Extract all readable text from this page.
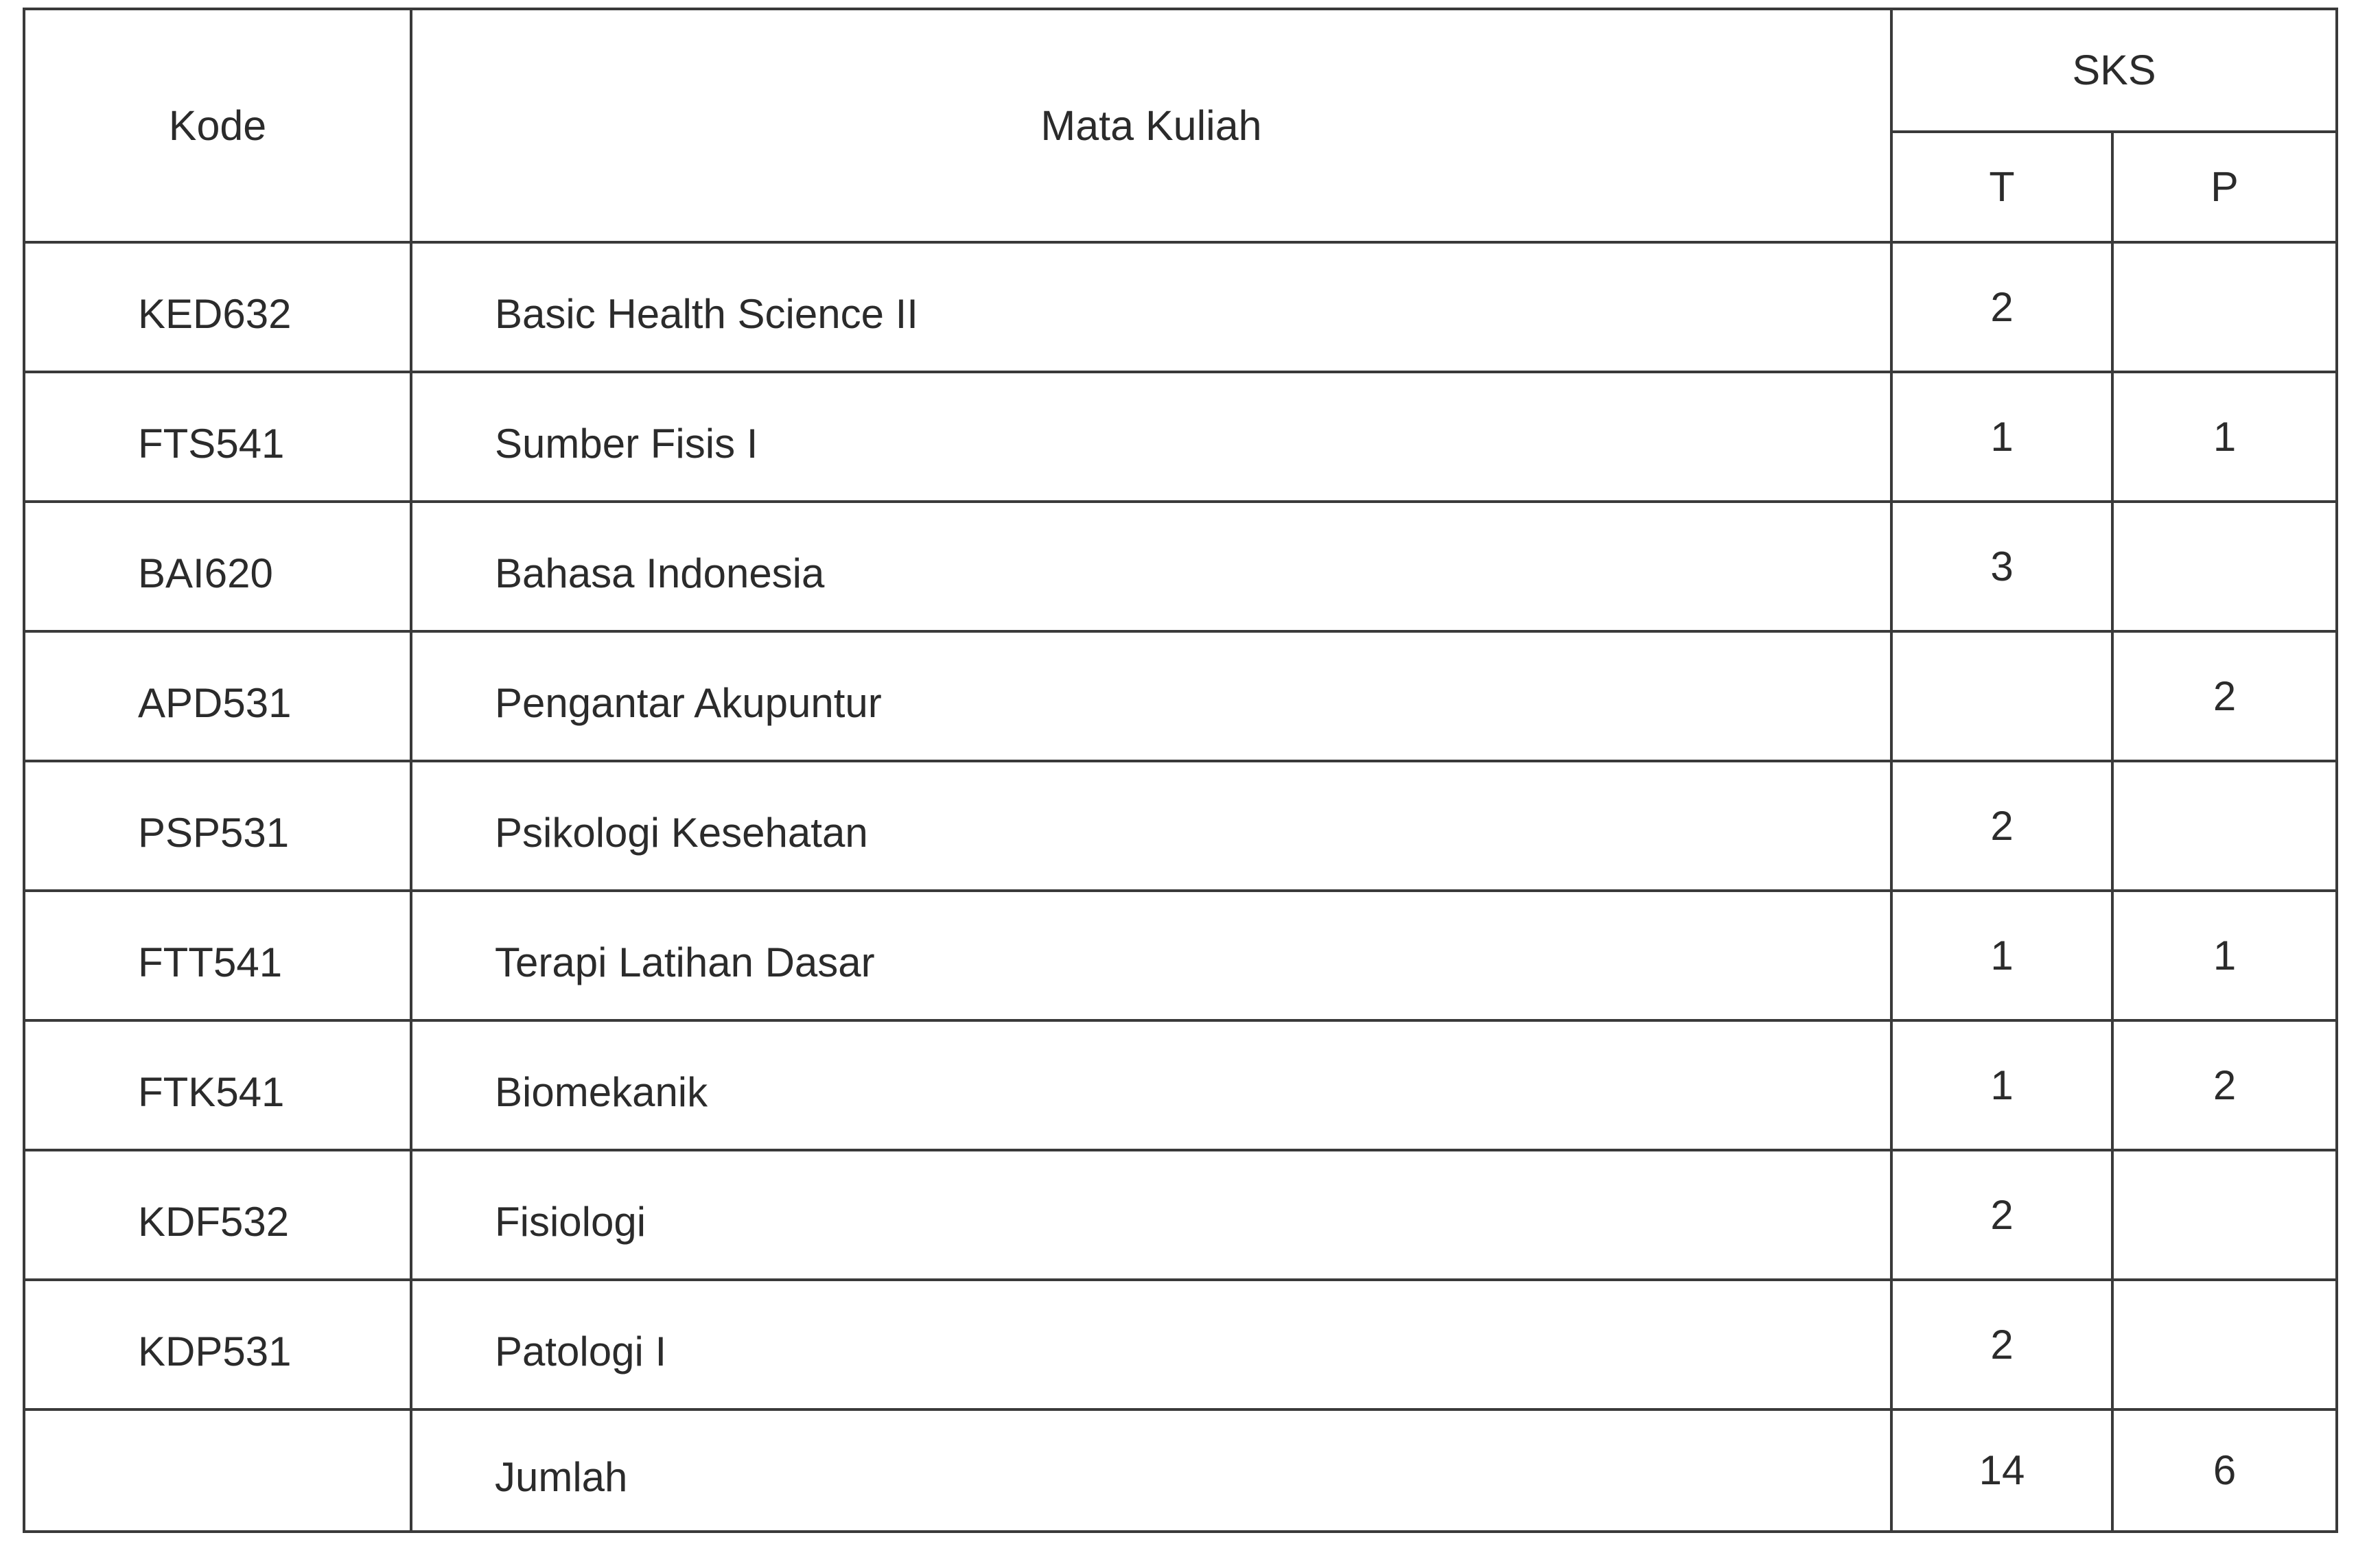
Kode	Mata Kuliah	SKS	
		T	P
KED632	Basic Health Science II	2	
FTS541	Sumber Fisis I	1	1
BAI620	Bahasa Indonesia	3	
APD531	Pengantar Akupuntur		2
PSP531	Psikologi Kesehatan	2	
FTT541	Terapi Latihan Dasar	1	1
FTK541	Biomekanik	1	2
KDF532	Fisiologi	2	
KDP531	Patologi I	2	
	Jumlah	14	6
